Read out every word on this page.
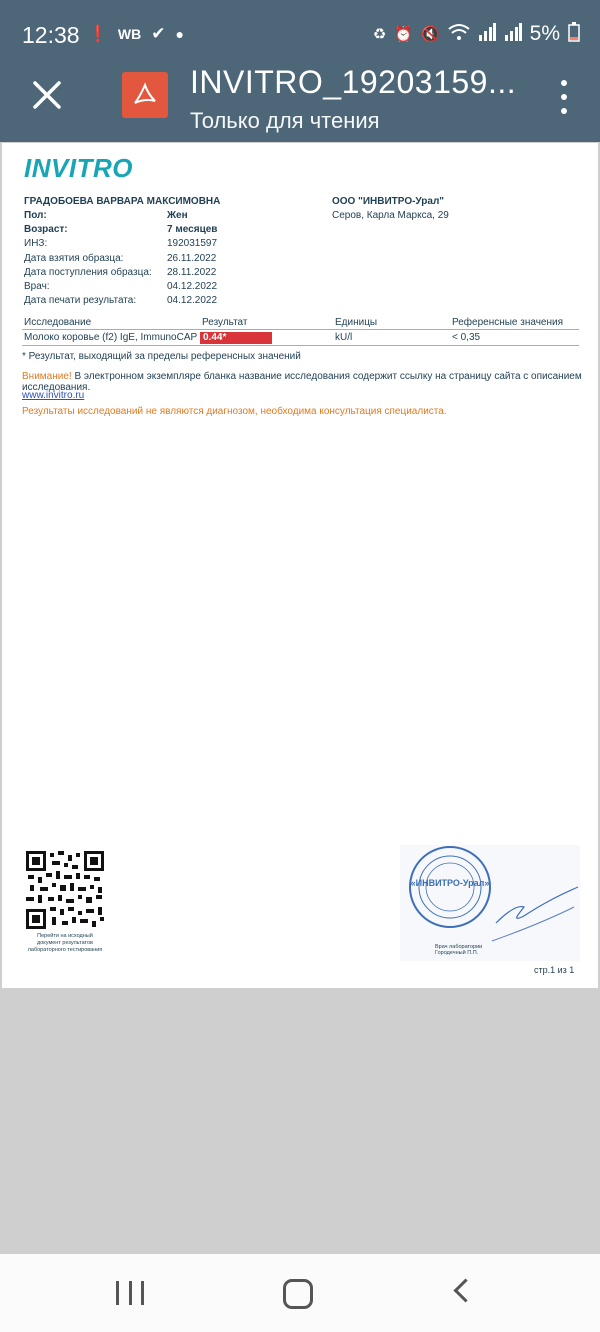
12:38 ❗ WB ✔ ●	♻ ⏰ 🔇	5%
INVITRO_19203159...
Только для чтения
INVITRO
ГРАДОБОЕВА ВАРВАРА МАКСИМОВНА	ООО "ИНВИТРО-Урал"
Серов, Карла Маркса, 29
Пол:	Жен
Возраст:	7 месяцев
ИНЗ:	192031597
Дата взятия образца:	26.11.2022
Дата поступления образца: 28.11.2022
Врач:	04.12.2022
Дата печати результата:	04.12.2022
Исследование	Результат	Единицы	Референсные значения
Молоко коровье (f2) IgE, ImmunoCAP 0.44*	kU/l	< 0,35
* Результат, выходящий за пределы референсных значений
Внимание! В электронном экземпляре бланка название исследования содержит ссылку на страницу сайта с описанием исследования.
www.invitro.ru
Результаты исследований не являются диагнозом, необходима консультация специалиста.
Перейти на исходный
документ результатов
лабораторного тестирования
«ИНВИТРО-Урал»
Врач лаборатории
Городечный П.П.
стр.1 из 1
